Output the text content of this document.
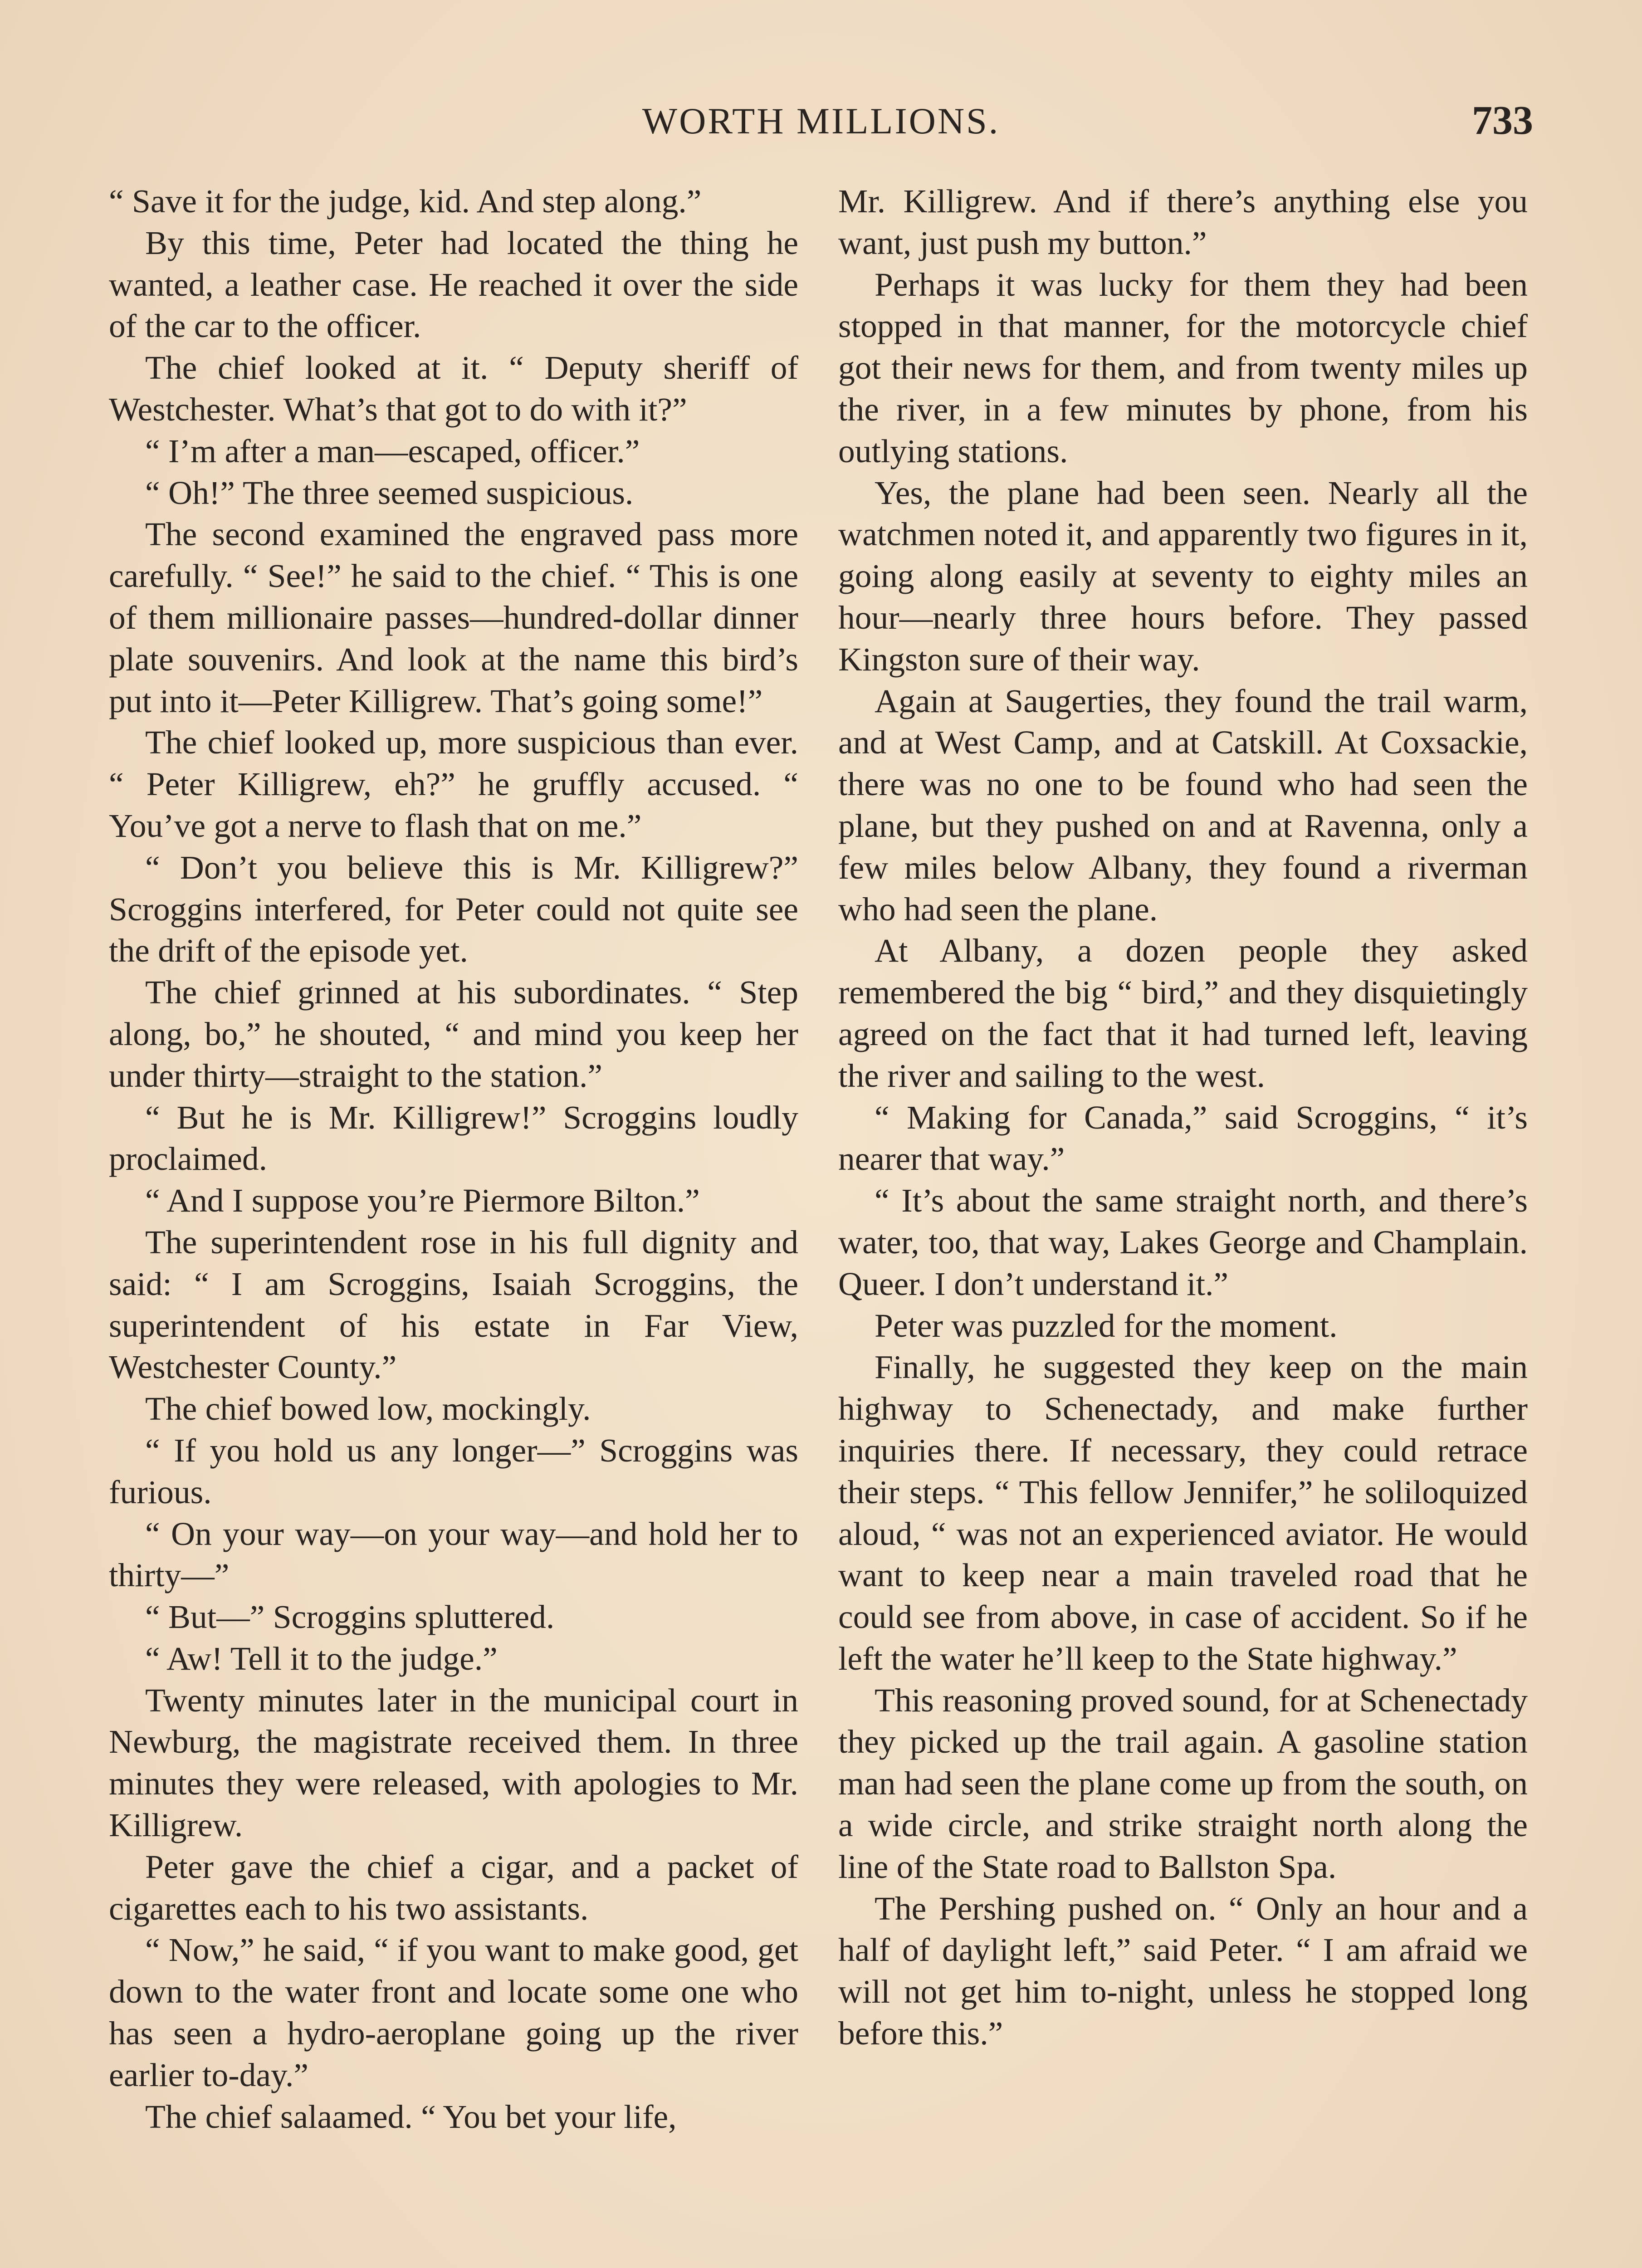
WORTH MILLIONS.	733

“ Save it for the judge, kid. And step along.”

By this time, Peter had located the thing he wanted, a leather case. He reached it over the side of the car to the officer.

The chief looked at it. “ Deputy sheriff of Westchester. What’s that got to do with it?”

“ I’m after a man—escaped, officer.”

“ Oh!” The three seemed suspicious.

The second examined the engraved pass more carefully. “ See!” he said to the chief. “ This is one of them millionaire passes—hundred-dollar dinner plate souvenirs. And look at the name this bird’s put into it—Peter Killigrew. That’s going some!”

The chief looked up, more suspicious than ever. “ Peter Killigrew, eh?” he gruffly accused. “ You’ve got a nerve to flash that on me.”

“ Don’t you believe this is Mr. Killigrew?” Scroggins interfered, for Peter could not quite see the drift of the episode yet.

The chief grinned at his subordinates. “ Step along, bo,” he shouted, “ and mind you keep her under thirty—straight to the station.”

“ But he is Mr. Killigrew!” Scroggins loudly proclaimed.

“ And I suppose you’re Piermore Bilton.”

The superintendent rose in his full dignity and said: “ I am Scroggins, Isaiah Scroggins, the superintendent of his estate in Far View, Westchester County.”

The chief bowed low, mockingly.

“ If you hold us any longer—” Scroggins was furious.

“ On your way—on your way—and hold her to thirty—”

“ But—” Scroggins spluttered.

“ Aw! Tell it to the judge.”

Twenty minutes later in the municipal court in Newburg, the magistrate received them. In three minutes they were released, with apologies to Mr. Killigrew.

Peter gave the chief a cigar, and a packet of cigarettes each to his two assistants.

“ Now,” he said, “ if you want to make good, get down to the water front and locate some one who has seen a hydro-aeroplane going up the river earlier to-day.”

The chief salaamed. “ You bet your life,

Mr. Killigrew. And if there’s anything else you want, just push my button.”

Perhaps it was lucky for them they had been stopped in that manner, for the motorcycle chief got their news for them, and from twenty miles up the river, in a few minutes by phone, from his outlying stations.

Yes, the plane had been seen. Nearly all the watchmen noted it, and apparently two figures in it, going along easily at seventy to eighty miles an hour—nearly three hours before. They passed Kingston sure of their way.

Again at Saugerties, they found the trail warm, and at West Camp, and at Catskill. At Coxsackie, there was no one to be found who had seen the plane, but they pushed on and at Ravenna, only a few miles below Albany, they found a riverman who had seen the plane.

At Albany, a dozen people they asked remembered the big “ bird,” and they disquietingly agreed on the fact that it had turned left, leaving the river and sailing to the west.

“ Making for Canada,” said Scroggins, “ it’s nearer that way.”

“ It’s about the same straight north, and there’s water, too, that way, Lakes George and Champlain. Queer. I don’t understand it.”

Peter was puzzled for the moment.

Finally, he suggested they keep on the main highway to Schenectady, and make further inquiries there. If necessary, they could retrace their steps. “ This fellow Jennifer,” he soliloquized aloud, “ was not an experienced aviator. He would want to keep near a main traveled road that he could see from above, in case of accident. So if he left the water he’ll keep to the State highway.”

This reasoning proved sound, for at Schenectady they picked up the trail again. A gasoline station man had seen the plane come up from the south, on a wide circle, and strike straight north along the line of the State road to Ballston Spa.

The Pershing pushed on. “ Only an hour and a half of daylight left,” said Peter. “ I am afraid we will not get him to-night, unless he stopped long before this.”
